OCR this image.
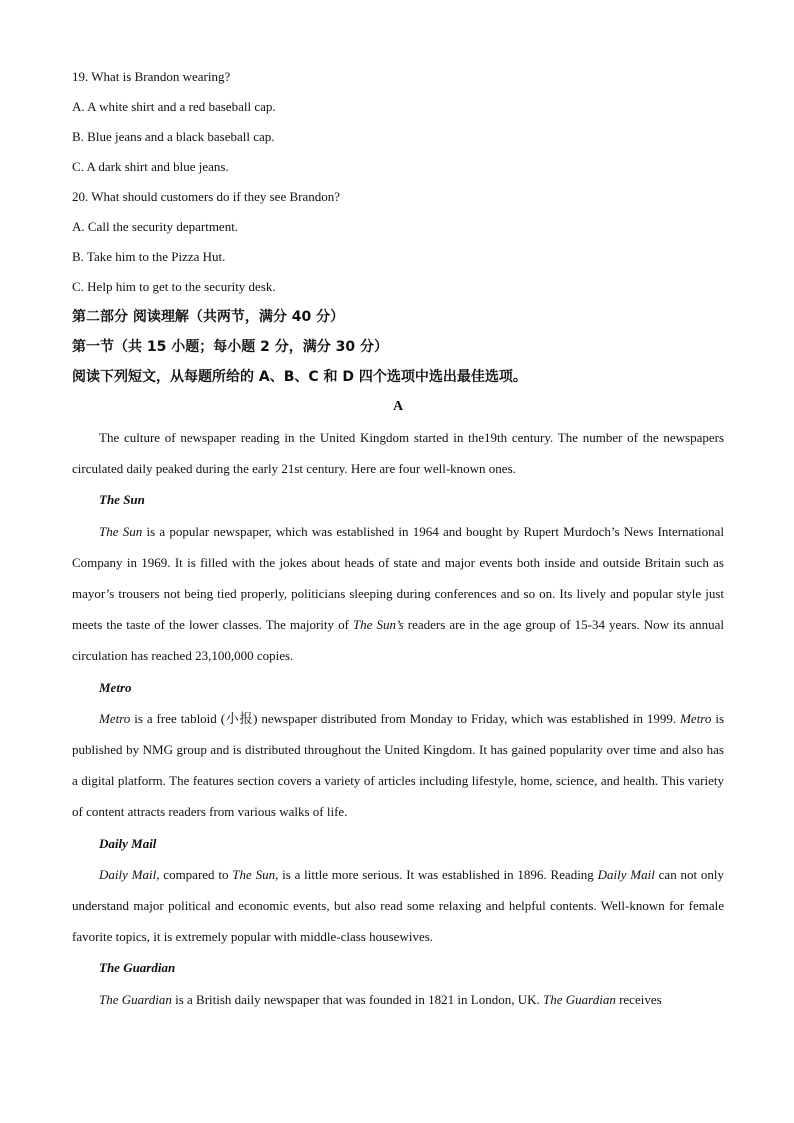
19. What is Brandon wearing?
A. A white shirt and a red baseball cap.
B. Blue jeans and a black baseball cap.
C. A dark shirt and blue jeans.
20. What should customers do if they see Brandon?
A. Call the security department.
B. Take him to the Pizza Hut.
C. Help him to get to the security desk.
第二部分 阅读理解（共两节，满分 40 分）
第一节（共 15 小题；每小题 2 分，满分 30 分）
阅读下列短文，从每题所给的 A、B、C 和 D 四个选项中选出最佳选项。
A

The culture of newspaper reading in the United Kingdom started in the19th century. The number of the newspapers circulated daily peaked during the early 21st century. Here are four well-known ones.

The Sun

The Sun is a popular newspaper, which was established in 1964 and bought by Rupert Murdoch’s News International Company in 1969. It is filled with the jokes about heads of state and major events both inside and outside Britain such as mayor’s trousers not being tied properly, politicians sleeping during conferences and so on. Its lively and popular style just meets the taste of the lower classes. The majority of The Sun’s readers are in the age group of 15-34 years. Now its annual circulation has reached 23,100,000 copies.

Metro

Metro is a free tabloid (小报) newspaper distributed from Monday to Friday, which was established in 1999. Metro is published by NMG group and is distributed throughout the United Kingdom. It has gained popularity over time and also has a digital platform. The features section covers a variety of articles including lifestyle, home, science, and health. This variety of content attracts readers from various walks of life.

Daily Mail

Daily Mail, compared to The Sun, is a little more serious. It was established in 1896. Reading Daily Mail can not only understand major political and economic events, but also read some relaxing and helpful contents. Well-known for female favorite topics, it is extremely popular with middle-class housewives.

The Guardian

The Guardian is a British daily newspaper that was founded in 1821 in London, UK. The Guardian receives
